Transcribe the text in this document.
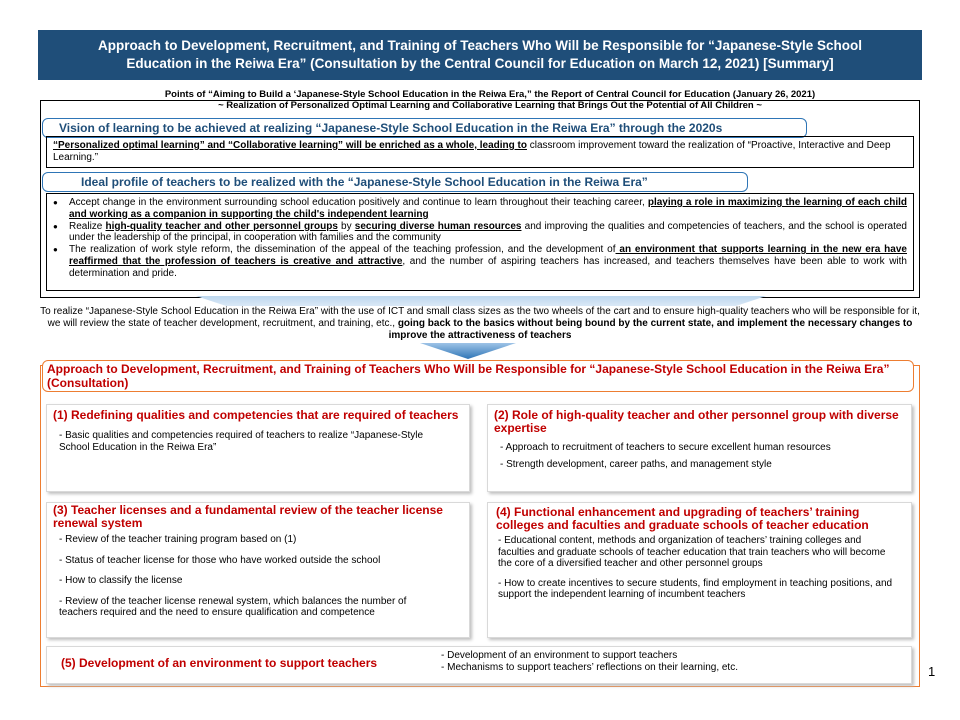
Approach to Development, Recruitment, and Training of Teachers Who Will be Responsible for “Japanese-Style School
Education in the Reiwa Era” (Consultation by the Central Council for Education on March 12, 2021) [Summary]
Points of “Aiming to Build a ‘Japanese-Style School Education in the Reiwa Era,” the Report of Central Council for Education (January 26, 2021)
~ Realization of Personalized Optimal Learning and Collaborative Learning that Brings Out the Potential of All Children ~
Vision of learning to be achieved at realizing “Japanese-Style School Education in the Reiwa Era” through the 2020s
“Personalized optimal learning” and “Collaborative learning” will be enriched as a whole, leading to classroom improvement toward the realization of “Proactive, Interactive and Deep Learning.”
Ideal profile of teachers to be realized with the “Japanese-Style School Education in the Reiwa Era”
● Accept change in the environment surrounding school education positively and continue to learn throughout their teaching career, playing a role in maximizing the learning of each child and working as a companion in supporting the child's independent learning
● Realize high-quality teacher and other personnel groups by securing diverse human resources and improving the qualities and competencies of teachers, and the school is operated under the leadership of the principal, in cooperation with families and the community
● The realization of work style reform, the dissemination of the appeal of the teaching profession, and the development of an environment that supports learning in the new era have reaffirmed that the profession of teachers is creative and attractive, and the number of aspiring teachers has increased, and teachers themselves have been able to work with determination and pride.
To realize “Japanese-Style School Education in the Reiwa Era” with the use of ICT and small class sizes as the two wheels of the cart and to ensure high-quality teachers who will be responsible for it, we will review the state of teacher development, recruitment, and training, etc., going back to the basics without being bound by the current state, and implement the necessary changes to improve the attractiveness of teachers
Approach to Development, Recruitment, and Training of Teachers Who Will be Responsible for “Japanese-Style School Education in the Reiwa Era” (Consultation)
(1) Redefining qualities and competencies that are required of teachers
- Basic qualities and competencies required of teachers to realize “Japanese-Style School Education in the Reiwa Era”
(2) Role of high-quality teacher and other personnel group with diverse expertise
- Approach to recruitment of teachers to secure excellent human resources
- Strength development, career paths, and management style
(3) Teacher licenses and a fundamental review of the teacher license renewal system
- Review of the teacher training program based on (1)
- Status of teacher license for those who have worked outside the school
- How to classify the license
- Review of the teacher license renewal system, which balances the number of teachers required and the need to ensure qualification and competence
(4) Functional enhancement and upgrading of teachers’ training colleges and faculties and graduate schools of teacher education
- Educational content, methods and organization of teachers’ training colleges and faculties and graduate schools of teacher education that train teachers who will become the core of a diversified teacher and other personnel groups
- How to create incentives to secure students, find employment in teaching positions, and support the independent learning of incumbent teachers
(5) Development of an environment to support teachers
- Development of an environment to support teachers
- Mechanisms to support teachers’ reflections on their learning, etc.	1
